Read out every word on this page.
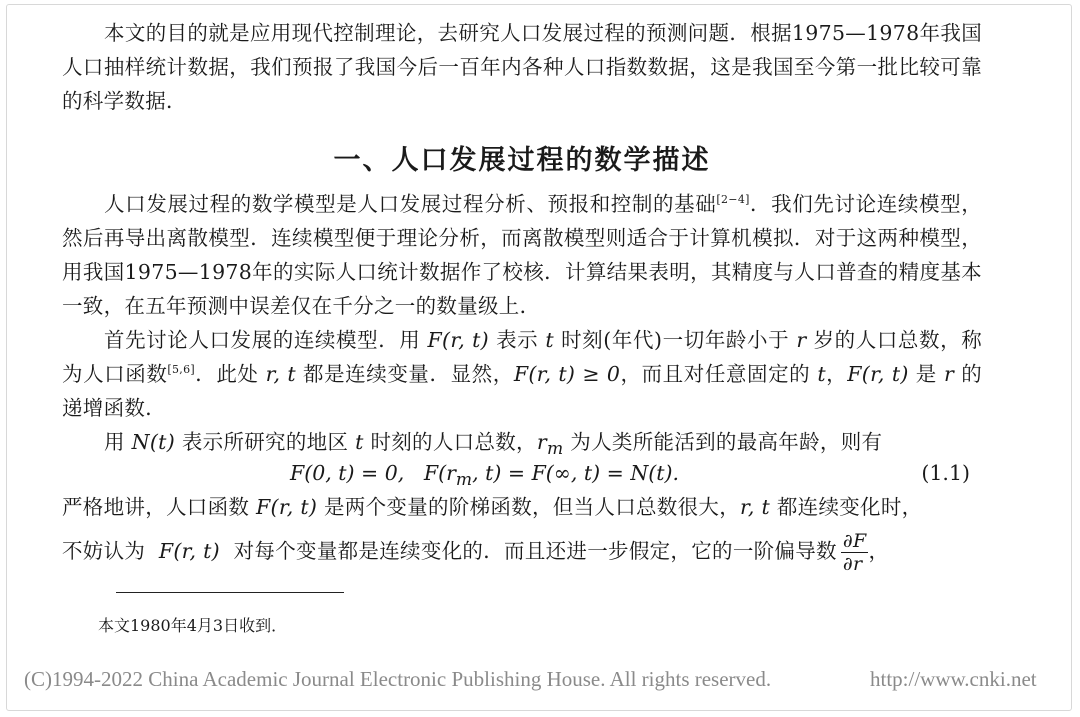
本文的目的就是应用现代控制理论，去研究人口发展过程的预测问题．根据1975—1978年我国人口抽样统计数据，我们预报了我国今后一百年内各种人口指数数据，这是我国至今第一批比较可靠的科学数据．

一、人口发展过程的数学描述

人口发展过程的数学模型是人口发展过程分析、预报和控制的基础[2−4]．我们先讨论连续模型，然后再导出离散模型．连续模型便于理论分析，而离散模型则适合于计算机模拟．对于这两种模型，用我国1975—1978年的实际人口统计数据作了校核．计算结果表明，其精度与人口普查的精度基本一致，在五年预测中误差仅在千分之一的数量级上．

首先讨论人口发展的连续模型．用 F(r, t) 表示 t 时刻(年代)一切年龄小于 r 岁的人口总数，称为人口函数[5,6]．此处 r, t 都是连续变量．显然，F(r, t) ≥ 0，而且对任意固定的 t，F(r, t) 是 r 的递增函数．

用 N(t) 表示所研究的地区 t 时刻的人口总数，$r_m$ 为人类所能活到的最高年龄，则有

F(0, t) = 0, $F(r_m$, t) = F(∞, t) = N(t).	(1.1)

严格地讲，人口函数 F(r, t) 是两个变量的阶梯函数，但当人口总数很大，r, t 都连续变化时，

不妨认为 F(r, t) 对每个变量都是连续变化的．而且还进一步假定，它的一阶偏导数 $\frac{\partial F}{\partial r}$ ，
本文1980年4月3日收到．
(C)1994-2022 China Academic Journal Electronic Publishing House. All rights reserved.	http://www.cnki.net
